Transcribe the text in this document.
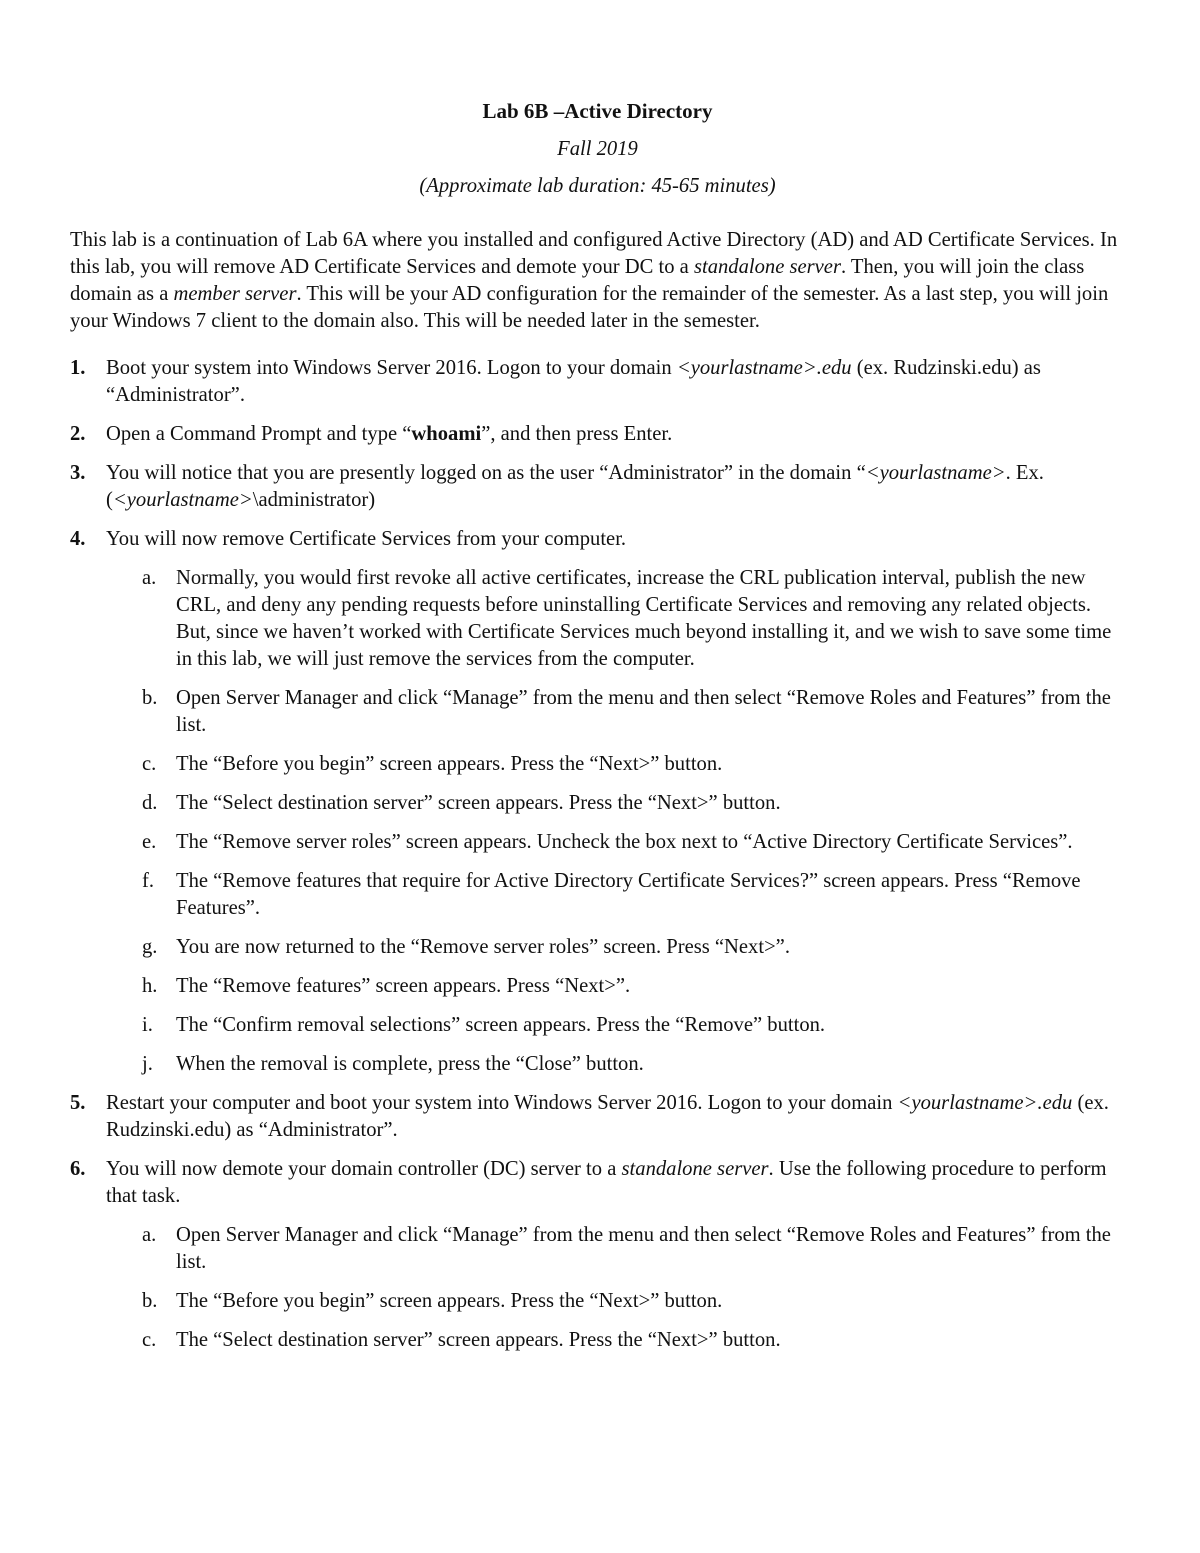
Lab 6B –Active Directory
Fall 2019
(Approximate lab duration: 45-65 minutes)

This lab is a continuation of Lab 6A where you installed and configured Active Directory (AD) and AD Certificate Services. In this lab, you will remove AD Certificate Services and demote your DC to a standalone server. Then, you will join the class domain as a member server. This will be your AD configuration for the remainder of the semester. As a last step, you will join your Windows 7 client to the domain also. This will be needed later in the semester.

1. Boot your system into Windows Server 2016. Logon to your domain <yourlastname>.edu (ex. Rudzinski.edu) as “Administrator”.
2. Open a Command Prompt and type “whoami”, and then press Enter.
3. You will notice that you are presently logged on as the user “Administrator” in the domain “<yourlastname>. Ex. (<yourlastname>\administrator)
4. You will now remove Certificate Services from your computer.
a. Normally, you would first revoke all active certificates, increase the CRL publication interval, publish the new CRL, and deny any pending requests before uninstalling Certificate Services and removing any related objects. But, since we haven’t worked with Certificate Services much beyond installing it, and we wish to save some time in this lab, we will just remove the services from the computer.
b. Open Server Manager and click “Manage” from the menu and then select “Remove Roles and Features” from the list.
c. The “Before you begin” screen appears. Press the “Next>” button.
d. The “Select destination server” screen appears. Press the “Next>” button.
e. The “Remove server roles” screen appears. Uncheck the box next to “Active Directory Certificate Services”.
f. The “Remove features that require for Active Directory Certificate Services?” screen appears. Press “Remove Features”.
g. You are now returned to the “Remove server roles” screen. Press “Next>”.
h. The “Remove features” screen appears. Press “Next>”.
i. The “Confirm removal selections” screen appears. Press the “Remove” button.
j. When the removal is complete, press the “Close” button.
5. Restart your computer and boot your system into Windows Server 2016. Logon to your domain <yourlastname>.edu (ex. Rudzinski.edu) as “Administrator”.
6. You will now demote your domain controller (DC) server to a standalone server. Use the following procedure to perform that task.
a. Open Server Manager and click “Manage” from the menu and then select “Remove Roles and Features” from the list.
b. The “Before you begin” screen appears. Press the “Next>” button.
c. The “Select destination server” screen appears. Press the “Next>” button.
